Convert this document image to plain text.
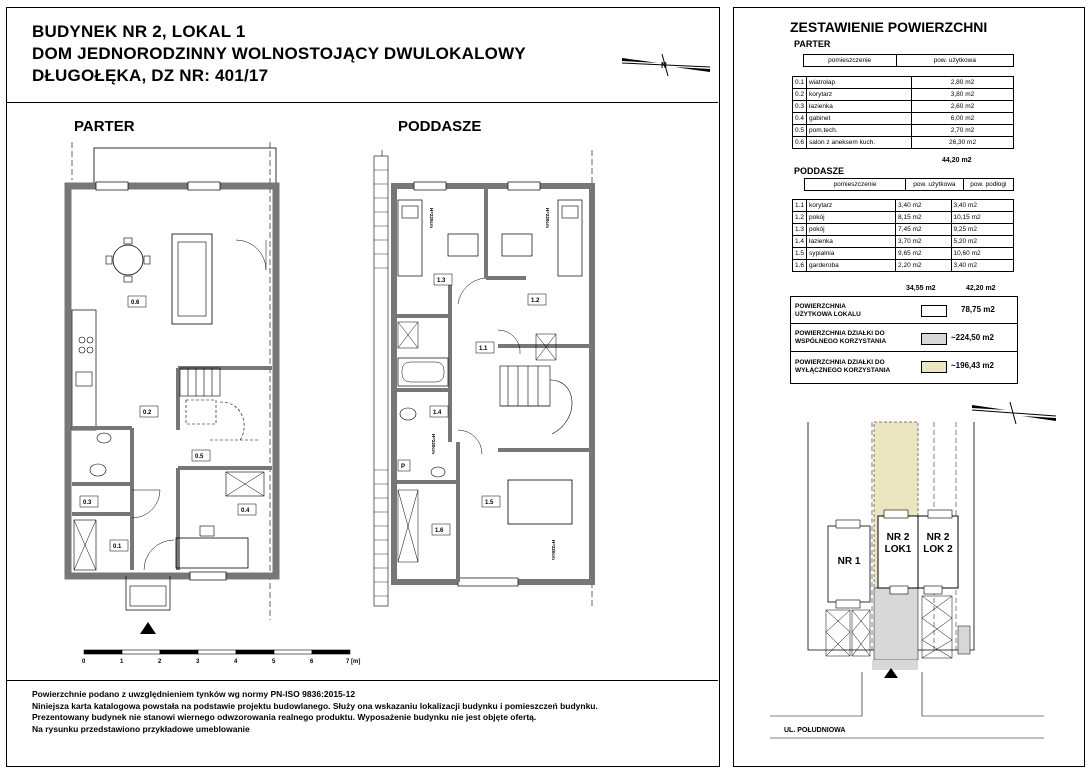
BUDYNEK NR 2, LOKAL 1
DOM JEDNORODZINNY WOLNOSTOJĄCY DWULOKALOWY
DŁUGOŁĘKA, DZ NR: 401/17
N
PARTER	PODDASZE
0.6
0.2
0.5
0.3
0.4
0.1
0	1	2	3	4	5	6	7 [m]
H=220cm	H=220cm
H=220cm
H=220cm
1.3
1.2
1.1
1.4
1.5
1.6
P
ZESTAWIENIE POWIERZCHNI
PARTER
	pomieszczenie	pow. użytkowa
0.1	wiatrołap	2,80 m2
0.2	korytarz	3,80 m2
0.3	łazienka	2,60 m2
0.4	gabinet	6,00 m2
0.5	pom.tech.	2,70 m2
0.6	salon z aneksem kuch.	26,30 m2
44,20 m2
PODDASZE
	pomieszczenie	pow. użytkowa	pow. podłogi
1.1	korytarz	3,40 m2	3,40 m2
1.2	pokój	8,15 m2	10,15 m2
1.3	pokój	7,45 m2	9,25 m2
1.4	łazienka	3,70 m2	5,20 m2
1.5	sypialnia	9,65 m2	10,60 m2
1.6	garderoba	2,20 m2	3,40 m2
34,55 m2	42,20 m2
POWIERZCHNIA
UŻYTKOWA LOKALU
78,75 m2
POWIERZCHNIA DZIAŁKI DO
WSPÓLNEGO KORZYSTANIA	~224,50 m2
POWIERZCHNIA DZIAŁKI DO
WYŁĄCZNEGO KORZYSTANIA
~196,43 m2
NR 1
NR 2
LOK1
NR 2
LOK 2
UL. POŁUDNIOWA
Powierzchnie podano z uwzględnieniem tynków wg normy PN-ISO 9836:2015-12
Niniejsza karta katalogowa powstała na podstawie projektu budowlanego. Służy ona wskazaniu lokalizacji budynku i pomieszczeń budynku.
Prezentowany budynek nie stanowi wiernego odwzorowania realnego produktu. Wyposażenie budynku nie jest objęte ofertą.
Na rysunku przedstawiono przykładowe umeblowanie
